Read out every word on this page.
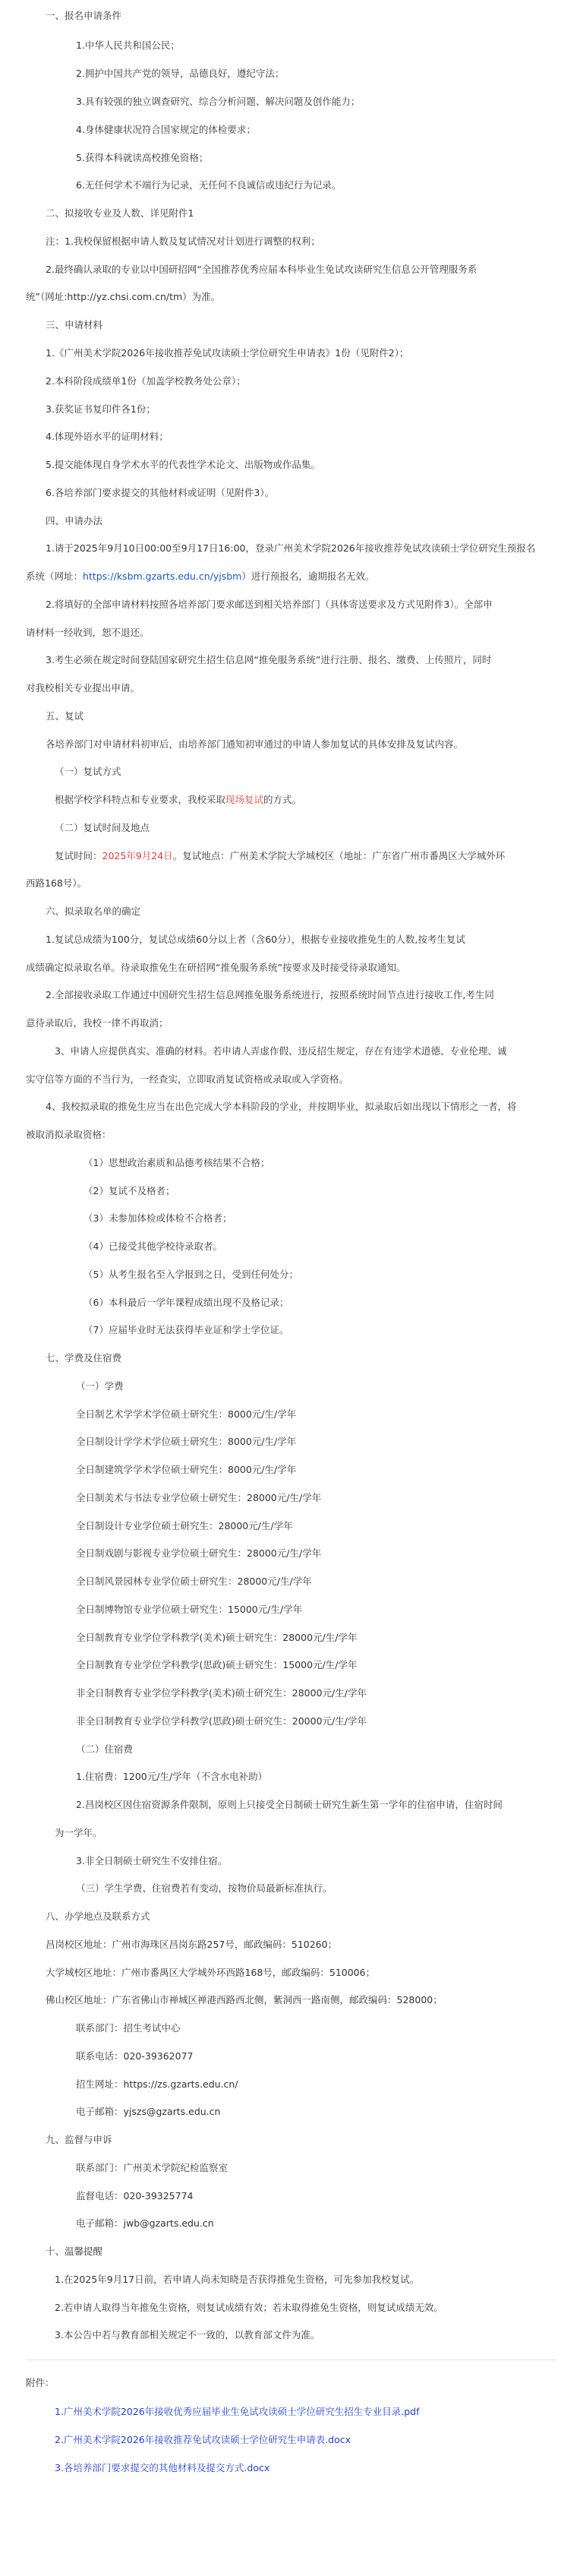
一、报名申请条件
1.中华人民共和国公民；
2.拥护中国共产党的领导，品德良好，遵纪守法；
3.具有较强的独立调查研究、综合分析问题、解决问题及创作能力；
4.身体健康状况符合国家规定的体检要求；
5.获得本科就读高校推免资格；
6.无任何学术不端行为记录，无任何不良诚信或违纪行为记录。
二、拟接收专业及人数、详见附件1
注：1.我校保留根据申请人数及复试情况对计划进行调整的权利；
2.最终确认录取的专业以中国研招网“全国推荐优秀应届本科毕业生免试攻读研究生信息公开管理服务系
统”（网址:http://yz.chsi.com.cn/tm）为准。
三、申请材料
1.《广州美术学院2026年接收推荐免试攻读硕士学位研究生申请表》1份（见附件2）；
2.本科阶段成绩单1份（加盖学校教务处公章）；
3.获奖证书复印件各1份；
4.体现外语水平的证明材料；
5.提交能体现自身学术水平的代表性学术论文、出版物或作品集。
6.各培养部门要求提交的其他材料或证明（见附件3）。
四、申请办法
1.请于2025年9月10日00:00至9月17日16:00，登录广州美术学院2026年接收推荐免试攻读硕士学位研究生预报名
系统（网址：https://ksbm.gzarts.edu.cn/yjsbm）进行预报名，逾期报名无效。
2.将填好的全部申请材料按照各培养部门要求邮送到相关培养部门（具体寄送要求及方式见附件3）。全部申
请材料一经收到，恕不退还。
3.考生必须在规定时间登陆国家研究生招生信息网“推免服务系统”进行注册、报名、缴费、上传照片，同时
对我校相关专业提出申请。
五、复试
各培养部门对申请材料初审后，由培养部门通知初审通过的申请人参加复试的具体安排及复试内容。
（一）复试方式
根据学校学科特点和专业要求，我校采取现场复试的方式。
（二）复试时间及地点
复试时间：2025年9月24日。复试地点：广州美术学院大学城校区（地址：广东省广州市番禺区大学城外环
西路168号）。
六、拟录取名单的确定
1.复试总成绩为100分，复试总成绩60分以上者（含60分），根据专业接收推免生的人数,按考生复试
成绩确定拟录取名单。待录取推免生在研招网“推免服务系统”按要求及时接受待录取通知。
2.全部接收录取工作通过中国研究生招生信息网推免服务系统进行，按照系统时间节点进行接收工作,考生同
意待录取后，我校一律不再取消；
3、申请人应提供真实、准确的材料。若申请人弄虚作假、违反招生规定，存在有违学术道德、专业伦理、诚
实守信等方面的不当行为，一经查实，立即取消复试资格或录取或入学资格。
4、我校拟录取的推免生应当在出色完成大学本科阶段的学业，并按期毕业，拟录取后如出现以下情形之一者，将
被取消拟录取资格：
（1）思想政治素质和品德考核结果不合格；
（2）复试不及格者；
（3）未参加体检或体检不合格者；
（4）已接受其他学校待录取者。
（5）从考生报名至入学报到之日，受到任何处分；
（6）本科最后一学年课程成绩出现不及格记录；
（7）应届毕业时无法获得毕业证和学士学位证。
七、学费及住宿费
（一）学费
全日制艺术学学术学位硕士研究生：8000元/生/学年
全日制设计学学术学位硕士研究生：8000元/生/学年
全日制建筑学学术学位硕士研究生：8000元/生/学年
全日制美术与书法专业学位硕士研究生：28000元/生/学年
全日制设计专业学位硕士研究生：28000元/生/学年
全日制戏剧与影视专业学位硕士研究生：28000元/生/学年
全日制风景园林专业学位硕士研究生：28000元/生/学年
全日制博物馆专业学位硕士研究生：15000元/生/学年
全日制教育专业学位学科教学(美术)硕士研究生：28000元/生/学年
全日制教育专业学位学科教学(思政)硕士研究生：15000元/生/学年
非全日制教育专业学位学科教学(美术)硕士研究生：28000元/生/学年
非全日制教育专业学位学科教学(思政)硕士研究生：20000元/生/学年
（二）住宿费
1.住宿费：1200元/生/学年（不含水电补助）
2.昌岗校区因住宿资源条件限制，原则上只接受全日制硕士研究生新生第一学年的住宿申请，住宿时间
为一学年。
3.非全日制硕士研究生不安排住宿。
（三）学生学费、住宿费若有变动，按物价局最新标准执行。
八、办学地点及联系方式
昌岗校区地址：广州市海珠区昌岗东路257号，邮政编码：510260；
大学城校区地址：广州市番禺区大学城外环西路168号，邮政编码：510006；
佛山校区地址：广东省佛山市禅城区禅港西路西北侧，紫洞西一路南侧，邮政编码：528000；
联系部门：招生考试中心
联系电话：020-39362077
招生网址：https://zs.gzarts.edu.cn/
电子邮箱：yjszs@gzarts.edu.cn
九、监督与申诉
联系部门：广州美术学院纪检监察室
监督电话：020-39325774
电子邮箱：jwb@gzarts.edu.cn
十、温馨提醒
1.在2025年9月17日前，若申请人尚未知晓是否获得推免生资格，可先参加我校复试。
2.若申请人取得当年推免生资格，则复试成绩有效；若未取得推免生资格，则复试成绩无效。
3.本公告中若与教育部相关规定不一致的，以教育部文件为准。
附件：
1.广州美术学院2026年接收优秀应届毕业生免试攻读硕士学位研究生招生专业目录.pdf
2.广州美术学院2026年接收推荐免试攻读硕士学位研究生申请表.docx
3.各培养部门要求提交的其他材料及提交方式.docx
